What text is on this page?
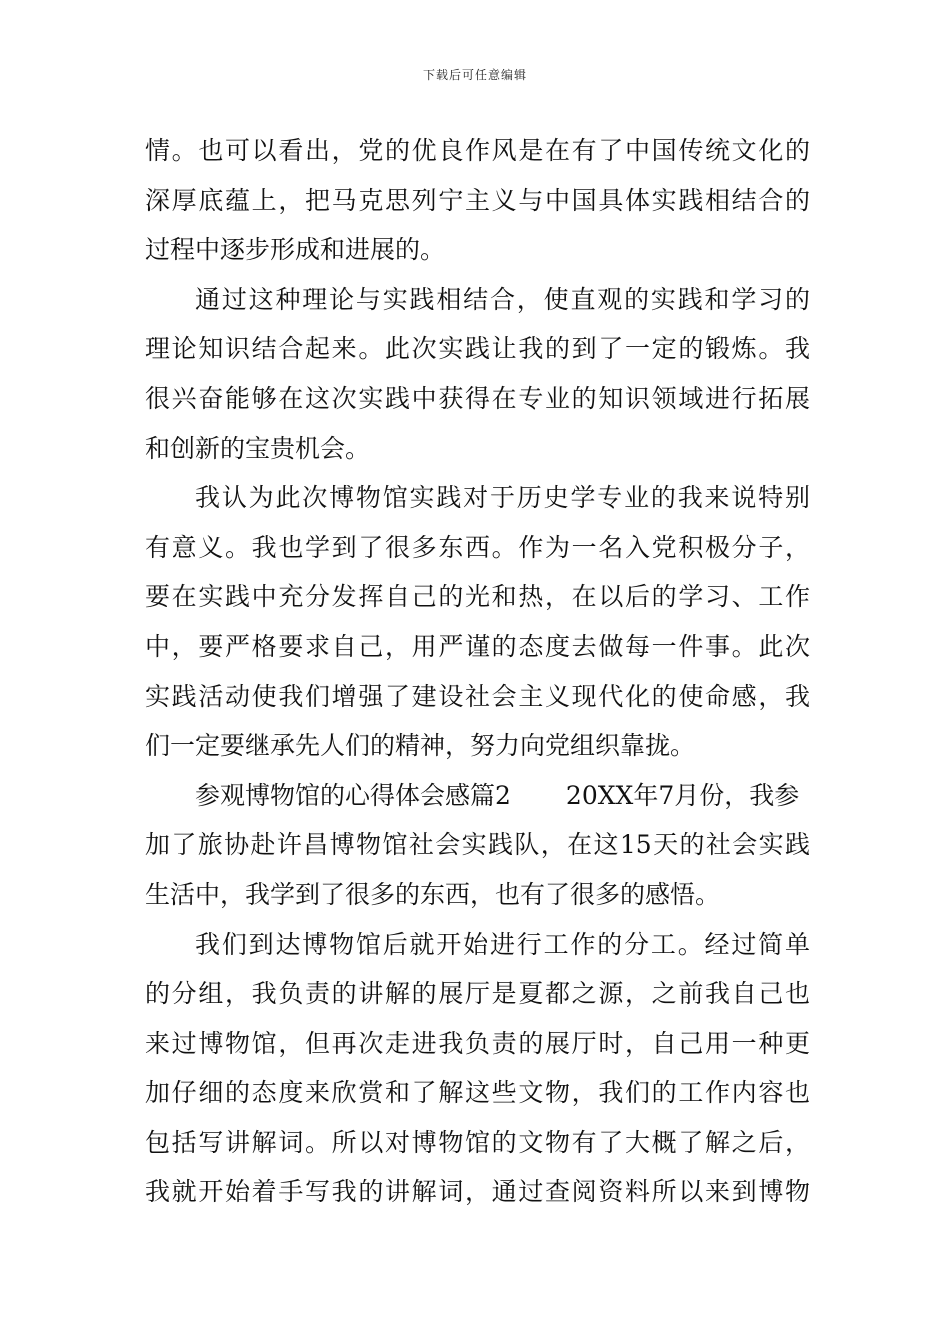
下载后可任意编辑
情。也可以看出，党的优良作风是在有了中国传统文化的
深厚底蕴上，把马克思列宁主义与中国具体实践相结合的
过程中逐步形成和进展的。
通过这种理论与实践相结合，使直观的实践和学习的
理论知识结合起来。此次实践让我的到了一定的锻炼。我
很兴奋能够在这次实践中获得在专业的知识领域进行拓展
和创新的宝贵机会。
我认为此次博物馆实践对于历史学专业的我来说特别
有意义。我也学到了很多东西。作为一名入党积极分子，
要在实践中充分发挥自己的光和热，在以后的学习、工作
中，要严格要求自己，用严谨的态度去做每一件事。此次
实践活动使我们增强了建设社会主义现代化的使命感，我
们一定要继承先人们的精神，努力向党组织靠拢。
参观博物馆的心得体会感篇2 20XX年7月份，我参
加了旅协赴许昌博物馆社会实践队，在这15天的社会实践
生活中，我学到了很多的东西，也有了很多的感悟。
我们到达博物馆后就开始进行工作的分工。经过简单
的分组，我负责的讲解的展厅是夏都之源，之前我自己也
来过博物馆，但再次走进我负责的展厅时，自己用一种更
加仔细的态度来欣赏和了解这些文物，我们的工作内容也
包括写讲解词。所以对博物馆的文物有了大概了解之后，
我就开始着手写我的讲解词，通过查阅资料所以来到博物
